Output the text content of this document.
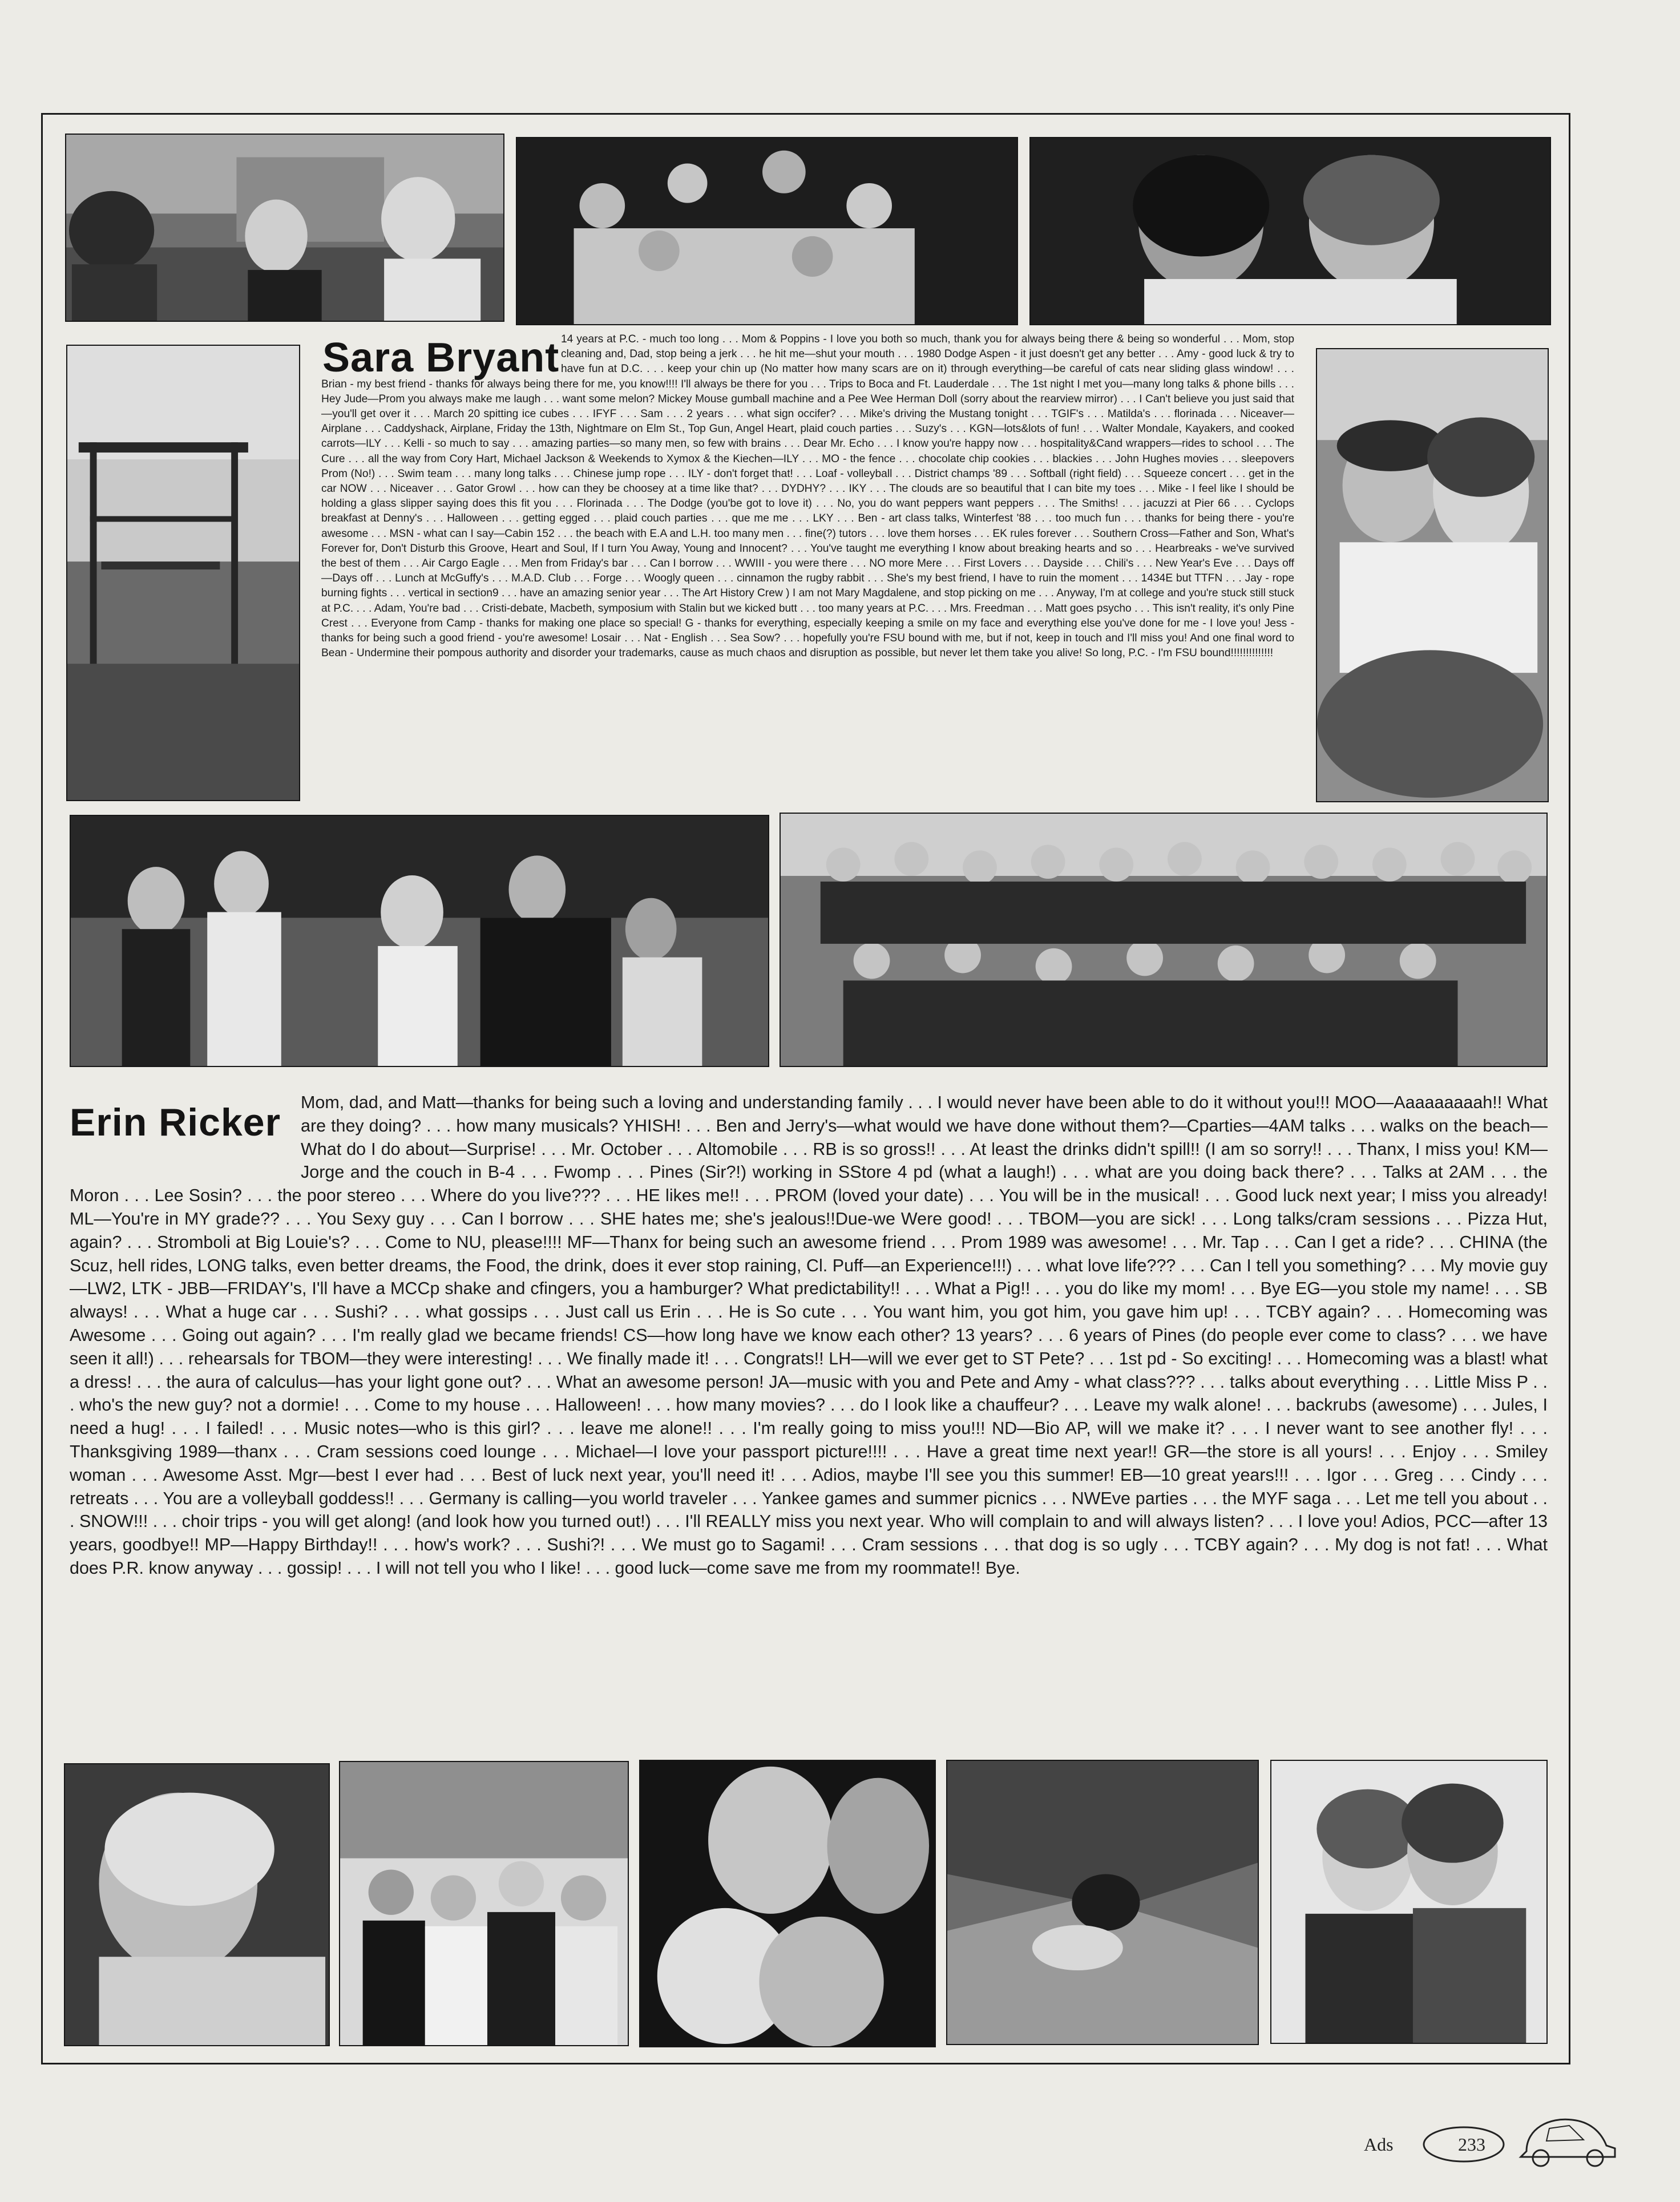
Sara Bryant 14 years at P.C. - much too long . . . Mom & Poppins - I love you both so much, thank you for always being there & being so wonderful . . . Mom, stop cleaning and, Dad, stop being a jerk . . . he hit me—shut your mouth . . . 1980 Dodge Aspen - it just doesn't get any better . . . Amy - good luck & try to have fun at D.C. . . . keep your chin up (No matter how many scars are on it) through everything—be careful of cats near sliding glass window! . . . Brian - my best friend - thanks for always being there for me, you know!!!! I'll always be there for you . . . Trips to Boca and Ft. Lauderdale . . . The 1st night I met you—many long talks & phone bills . . . Hey Jude—Prom you always make me laugh . . . want some melon? Mickey Mouse gumball machine and a Pee Wee Herman Doll (sorry about the rearview mirror) . . . I Can't believe you just said that—you'll get over it . . . March 20 spitting ice cubes . . . IFYF . . . Sam . . . 2 years . . . what sign occifer? . . . Mike's driving the Mustang tonight . . . TGIF's . . . Matilda's . . . florinada . . . Niceaver—Airplane . . . Caddyshack, Airplane, Friday the 13th, Nightmare on Elm St., Top Gun, Angel Heart, plaid couch parties . . . Suzy's . . . KGN—lots&lots of fun! . . . Walter Mondale, Kayakers, and cooked carrots—ILY . . . Kelli - so much to say . . . amazing parties—so many men, so few with brains . . . Dear Mr. Echo . . . I know you're happy now . . . hospitality&Cand wrappers—rides to school . . . The Cure . . . all the way from Cory Hart, Michael Jackson & Weekends to Xymox & the Kiechen—ILY . . . MO - the fence . . . chocolate chip cookies . . . blackies . . . John Hughes movies . . . sleepovers Prom (No!) . . . Swim team . . . many long talks . . . Chinese jump rope . . . ILY - don't forget that! . . . Loaf - volleyball . . . District champs '89 . . . Softball (right field) . . . Squeeze concert . . . get in the car NOW . . . Niceaver . . . Gator Growl . . . how can they be choosey at a time like that? . . . DYDHY? . . . IKY . . . The clouds are so beautiful that I can bite my toes . . . Mike - I feel like I should be holding a glass slipper saying does this fit you . . . Florinada . . . The Dodge (you'be got to love it) . . . No, you do want peppers want peppers . . . The Smiths! . . . jacuzzi at Pier 66 . . . Cyclops breakfast at Denny's . . . Halloween . . . getting egged . . . plaid couch parties . . . que me me . . . LKY . . . Ben - art class talks, Winterfest '88 . . . too much fun . . . thanks for being there - you're awesome . . . MSN - what can I say—Cabin 152 . . . the beach with E.A and L.H. too many men . . . fine(?) tutors . . . love them horses . . . EK rules forever . . . Southern Cross—Father and Son, What's Forever for, Don't Disturb this Groove, Heart and Soul, If I turn You Away, Young and Innocent? . . . You've taught me everything I know about breaking hearts and so . . . Hearbreaks - we've survived the best of them . . . Air Cargo Eagle . . . Men from Friday's bar . . . Can I borrow . . . WWIII - you were there . . . NO more Mere . . . First Lovers . . . Dayside . . . Chili's . . . New Year's Eve . . . Days off—Days off . . . Lunch at McGuffy's . . . M.A.D. Club . . . Forge . . . Woogly queen . . . cinnamon the rugby rabbit . . . She's my best friend, I have to ruin the moment . . . 1434E but TTFN . . . Jay - rope burning fights . . . vertical in section9 . . . have an amazing senior year . . . The Art History Crew ) I am not Mary Magdalene, and stop picking on me . . . Anyway, I'm at college and you're stuck still stuck at P.C. . . . Adam, You're bad . . . Cristi-debate, Macbeth, symposium with Stalin but we kicked butt . . . too many years at P.C. . . . Mrs. Freedman . . . Matt goes psycho . . . This isn't reality, it's only Pine Crest . . . Everyone from Camp - thanks for making one place so special! G - thanks for everything, especially keeping a smile on my face and everything else you've done for me - I love you! Jess - thanks for being such a good friend - you're awesome! Losair . . . Nat - English . . . Sea Sow? . . . hopefully you're FSU bound with me, but if not, keep in touch and I'll miss you! And one final word to Bean - Undermine their pompous authority and disorder your trademarks, cause as much chaos and disruption as possible, but never let them take you alive! So long, P.C. - I'm FSU bound!!!!!!!!!!!!!!
Erin Ricker	Mom, dad, and Matt—thanks for being such a loving and understanding family . . . I would never have been able to do it without you!!! MOO—Aaaaaaaaah!! What are they doing? . . . how many musicals? YHISH! . . . Ben and Jerry's—what would we have done without them?—Cparties—4AM talks . . . walks on the beach—What do I do about—Surprise! . . . Mr. October . . . Altomobile . . . RB is so gross!! . . . At least the drinks didn't spill!! (I am so sorry!! . . . Thanx, I miss you! KM—Jorge and the couch in B-4 . . . Fwomp . . . Pines (Sir?!) working in SStore 4 pd (what a laugh!) . . . what are you doing back there? . . . Talks at 2AM . . . the Moron . . . Lee Sosin? . . . the poor stereo . . . Where do you live??? . . . HE likes me!! . . . PROM (loved your date) . . . You will be in the musical! . . . Good luck next year; I miss you already! ML—You're in MY grade?? . . . You Sexy guy . . . Can I borrow . . . SHE hates me; she's jealous!!Due-we Were good! . . . TBOM—you are sick! . . . Long talks/cram sessions . . . Pizza Hut, again? . . . Stromboli at Big Louie's? . . . Come to NU, please!!!! MF—Thanx for being such an awesome friend . . . Prom 1989 was awesome! . . . Mr. Tap . . . Can I get a ride? . . . CHINA (the Scuz, hell rides, LONG talks, even better dreams, the Food, the drink, does it ever stop raining, Cl. Puff—an Experience!!!) . . . what love life??? . . . Can I tell you something? . . . My movie guy—LW2, LTK - JBB—FRIDAY's, I'll have a MCCp shake and cfingers, you a hamburger? What predictability!! . . . What a Pig!! . . . you do like my mom! . . . Bye EG—you stole my name! . . . SB always! . . . What a huge car . . . Sushi? . . . what gossips . . . Just call us Erin . . . He is So cute . . . You want him, you got him, you gave him up! . . . TCBY again? . . . Homecoming was Awesome . . . Going out again? . . . I'm really glad we became friends! CS—how long have we know each other? 13 years? . . . 6 years of Pines (do people ever come to class? . . . we have seen it all!) . . . rehearsals for TBOM—they were interesting! . . . We finally made it! . . . Congrats!! LH—will we ever get to ST Pete? . . . 1st pd - So exciting! . . . Homecoming was a blast! what a dress! . . . the aura of calculus—has your light gone out? . . . What an awesome person! JA—music with you and Pete and Amy - what class??? . . . talks about everything . . . Little Miss P . . . who's the new guy? not a dormie! . . . Come to my house . . . Halloween! . . . how many movies? . . . do I look like a chauffeur? . . . Leave my walk alone! . . . backrubs (awesome) . . . Jules, I need a hug! . . . I failed! . . . Music notes—who is this girl? . . . leave me alone!! . . . I'm really going to miss you!!! ND—Bio AP, will we make it? . . . I never want to see another fly! . . . Thanksgiving 1989—thanx . . . Cram sessions coed lounge . . . Michael—I love your passport picture!!!! . . . Have a great time next year!! GR—the store is all yours! . . . Enjoy . . . Smiley woman . . . Awesome Asst. Mgr—best I ever had . . . Best of luck next year, you'll need it! . . . Adios, maybe I'll see you this summer! EB—10 great years!!! . . . Igor . . . Greg . . . Cindy . . . retreats . . . You are a volleyball goddess!! . . . Germany is calling—you world traveler . . . Yankee games and summer picnics . . . NWEve parties . . . the MYF saga . . . Let me tell you about . . . SNOW!!! . . . choir trips - you will get along! (and look how you turned out!) . . . I'll REALLY miss you next year. Who will complain to and will always listen? . . . I love you! Adios, PCC—after 13 years, goodbye!! MP—Happy Birthday!! . . . how's work? . . . Sushi?! . . . We must go to Sagami! . . . Cram sessions . . . that dog is so ugly . . . TCBY again? . . . My dog is not fat! . . . What does P.R. know anyway . . . gossip! . . . I will not tell you who I like! . . . good luck—come save me from my roommate!! Bye.
Ads	233
